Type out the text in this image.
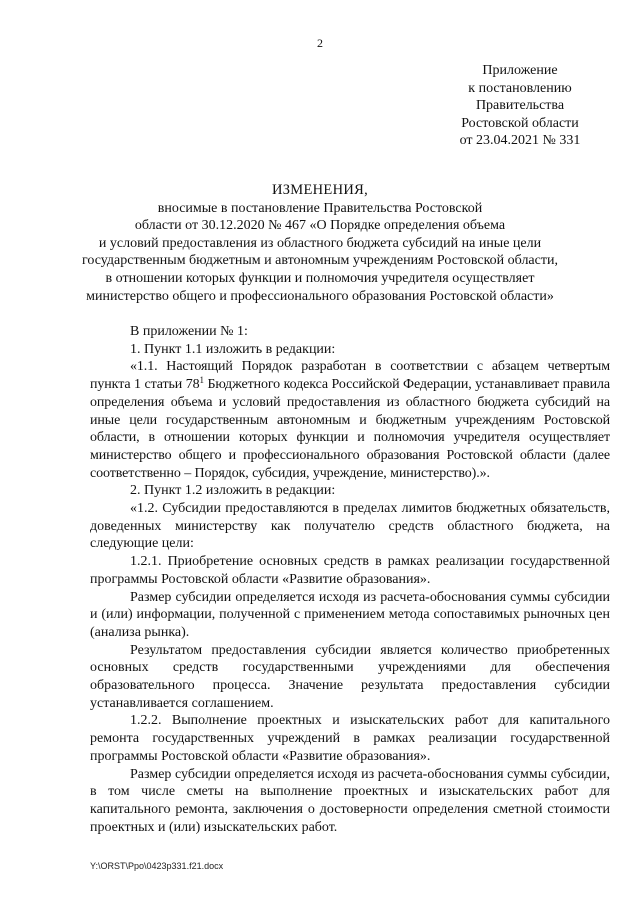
2
Приложение
к постановлению
Правительства
Ростовской области
от 23.04.2021 № 331
ИЗМЕНЕНИЯ,
вносимые в постановление Правительства Ростовской
области от 30.12.2020 № 467 «О Порядке определения объема
и условий предоставления из областного бюджета субсидий на иные цели
государственным бюджетным и автономным учреждениям Ростовской области,
в отношении которых функции и полномочия учредителя осуществляет
министерство общего и профессионального образования Ростовской области»

В приложении № 1:

1. Пункт 1.1 изложить в редакции:

«1.1. Настоящий Порядок разработан в соответствии с абзацем четвертым пункта 1 статьи $78^1$ Бюджетного кодекса Российской Федерации, устанавливает правила определения объема и условий предоставления из областного бюджета субсидий на иные цели государственным автономным и бюджетным учреждениям Ростовской области, в отношении которых функции и полномочия учредителя осуществляет министерство общего и профессионального образования Ростовской области (далее соответственно – Порядок, субсидия, учреждение, министерство).».

2. Пункт 1.2 изложить в редакции:

«1.2. Субсидии предоставляются в пределах лимитов бюджетных обязательств, доведенных министерству как получателю средств областного бюджета, на следующие цели:

1.2.1. Приобретение основных средств в рамках реализации государственной программы Ростовской области «Развитие образования».

Размер субсидии определяется исходя из расчета-обоснования суммы субсидии и (или) информации, полученной с применением метода сопоставимых рыночных цен (анализа рынка).

Результатом предоставления субсидии является количество приобретенных основных средств государственными учреждениями для обеспечения образовательного процесса. Значение результата предоставления субсидии устанавливается соглашением.

1.2.2. Выполнение проектных и изыскательских работ для капитального ремонта государственных учреждений в рамках реализации государственной программы Ростовской области «Развитие образования».

Размер субсидии определяется исходя из расчета-обоснования суммы субсидии, в том числе сметы на выполнение проектных и изыскательских работ для капитального ремонта, заключения о достоверности определения сметной стоимости проектных и (или) изыскательских работ.

Y:\ORST\Ppo\0423p331.f21.docx
